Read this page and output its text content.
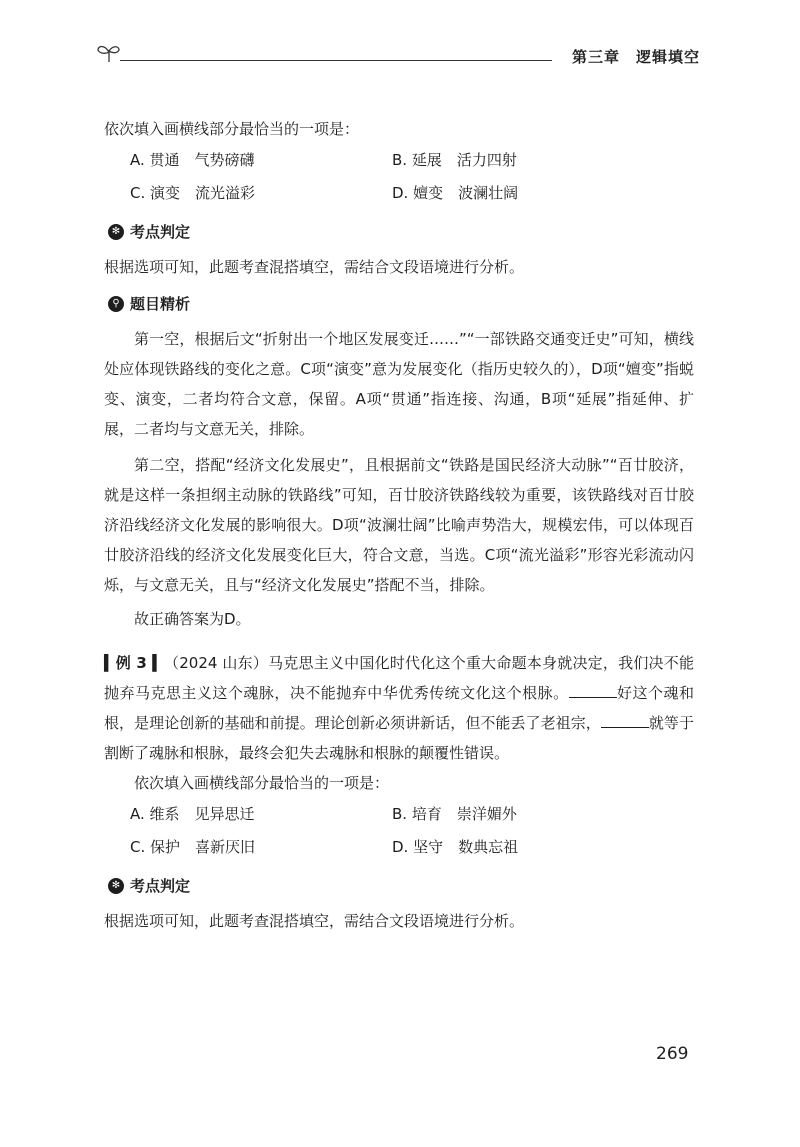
第三章　逻辑填空

依次填入画横线部分最恰当的一项是：

A. 贯通　气势磅礴	B. 延展　活力四射
C. 演变　流光溢彩	D. 嬗变　波澜壮阔
✻ 考点判定

根据选项可知，此题考查混搭填空，需结合文段语境进行分析。

⚲ 题目精析

第一空，根据后文“折射出一个地区发展变迁……”“一部铁路交通变迁史”可知，横线处应体现铁路线的变化之意。C项“演变”意为发展变化（指历史较久的），D项“嬗变”指蜕变、演变，二者均符合文意，保留。A项“贯通”指连接、沟通，B项“延展”指延伸、扩展，二者均与文意无关，排除。

第二空，搭配“经济文化发展史”，且根据前文“铁路是国民经济大动脉”“百廿胶济，就是这样一条担纲主动脉的铁路线”可知，百廿胶济铁路线较为重要，该铁路线对百廿胶济沿线经济文化发展的影响很大。D项“波澜壮阔”比喻声势浩大，规模宏伟，可以体现百廿胶济沿线的经济文化发展变化巨大，符合文意，当选。C项“流光溢彩”形容光彩流动闪烁，与文意无关，且与“经济文化发展史”搭配不当，排除。

故正确答案为D。

▍例 3 ▍（2024 山东）马克思主义中国化时代化这个重大命题本身就决定，我们决不能抛弃马克思主义这个魂脉，决不能抛弃中华优秀传统文化这个根脉。	好这个魂和根，是理论创新的基础和前提。理论创新必须讲新话，但不能丢了老祖宗，	就等于割断了魂脉和根脉，最终会犯失去魂脉和根脉的颠覆性错误。

依次填入画横线部分最恰当的一项是：

A. 维系　见异思迁	B. 培育　崇洋媚外
C. 保护　喜新厌旧	D. 坚守　数典忘祖
✻ 考点判定

根据选项可知，此题考查混搭填空，需结合文段语境进行分析。

269
